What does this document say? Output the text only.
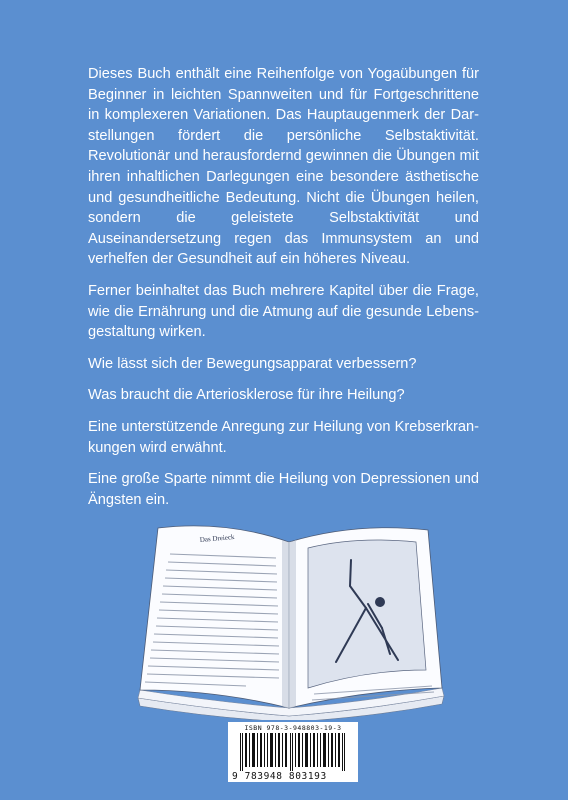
Dieses Buch enthält eine Reihenfolge von Yogaübungen für Beginner in leichten Spannweiten und für Fortgeschrittene in komplexeren Variationen. Das Hauptaugenmerk der Darstellungen fördert die persönliche Selbstaktivität. Revolutionär und herausfordernd gewinnen die Übungen mit ihren inhaltlichen Darlegungen eine besondere ästhetische und gesundheitliche Bedeutung. Nicht die Übungen heilen, sondern die geleistete Selbstaktivität und Auseinandersetzung regen das Immunsystem an und verhelfen der Gesundheit auf ein höheres Niveau.

Ferner beinhaltet das Buch mehrere Kapitel über die Frage, wie die Ernährung und die Atmung auf die gesunde Lebensgestaltung wirken.

Wie lässt sich der Bewegungsapparat verbessern?

Was braucht die Arteriosklerose für ihre Heilung?

Eine unterstützende Anregung zur Heilung von Krebserkrankungen wird erwähnt.

Eine große Sparte nimmt die Heilung von Depressionen und Ängsten ein.

Das Dreieck
ISBN 978-3-948803-19-3
9 783948 803193
